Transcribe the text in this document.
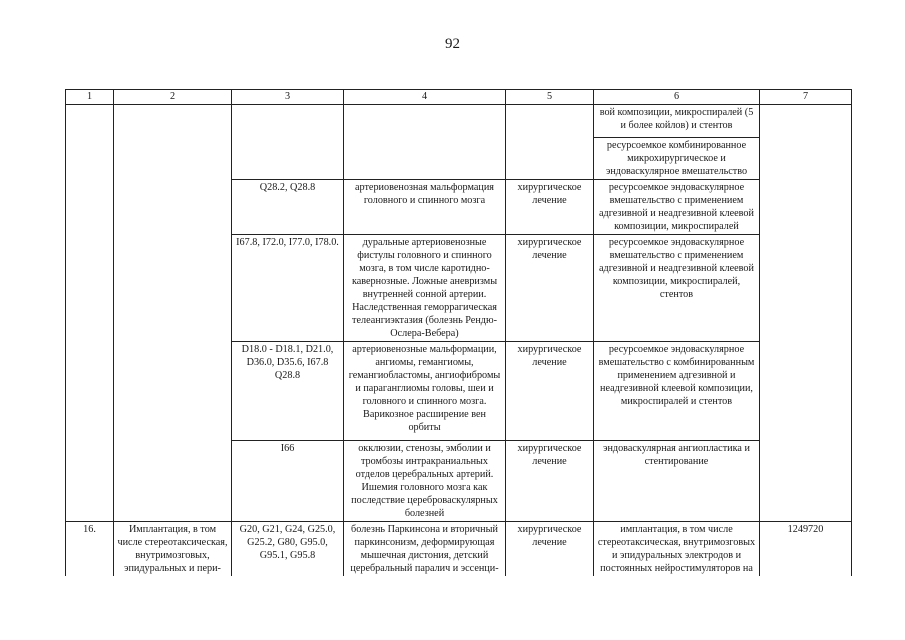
92
1	2	3	4	5	6	7
					вой композиции, микроспиралей (5 и более койлов) и стентов	
					ресурсоемкое комбинированное микрохирургическое и эндоваскулярное вмешательство	
		Q28.2, Q28.8	артериовенозная мальформация головного и спинного мозга	хирургическое лечение	ресурсоемкое эндоваскулярное вмешательство с применением адгезивной и неадгезивной клеевой композиции, микроспиралей	
		I67.8, I72.0, I77.0, I78.0.	дуральные артериовенозные фистулы головного и спинного мозга, в том числе каротидно-кавернозные. Ложные аневризмы внутренней сонной артерии. Наследственная геморрагическая телеангиэктазия (болезнь Рендю-Ослера-Вебера)	хирургическое лечение	ресурсоемкое эндоваскулярное вмешательство с применением адгезивной и неадгезивной клеевой композиции, микроспиралей, стентов	
		D18.0 - D18.1, D21.0, D36.0, D35.6, I67.8 Q28.8	артериовенозные мальформации, ангиомы, гемангиомы, гемангиобластомы, ангиофибромы и параганглиомы головы, шеи и головного и спинного мозга. Варикозное расширение вен орбиты	хирургическое лечение	ресурсоемкое эндоваскулярное вмешательство с комбинированным применением адгезивной и неадгезивной клеевой композиции, микроспиралей и стентов	
		I66	окклюзии, стенозы, эмболии и тромбозы интракраниальных отделов церебральных артерий. Ишемия головного мозга как последствие цереброваскулярных болезней	хирургическое лечение	эндоваскулярная ангиопластика и стентирование	
16.	Имплантация, в том числе стереотаксическая, внутримозговых, эпидуральных и пери-	G20, G21, G24, G25.0, G25.2, G80, G95.0, G95.1, G95.8	болезнь Паркинсона и вторичный паркинсонизм, деформирующая мышечная дистония, детский церебральный паралич и эссенци-	хирургическое лечение	имплантация, в том числе стереотаксическая, внутримозговых и эпидуральных электродов и постоянных нейростимуляторов на	1249720
